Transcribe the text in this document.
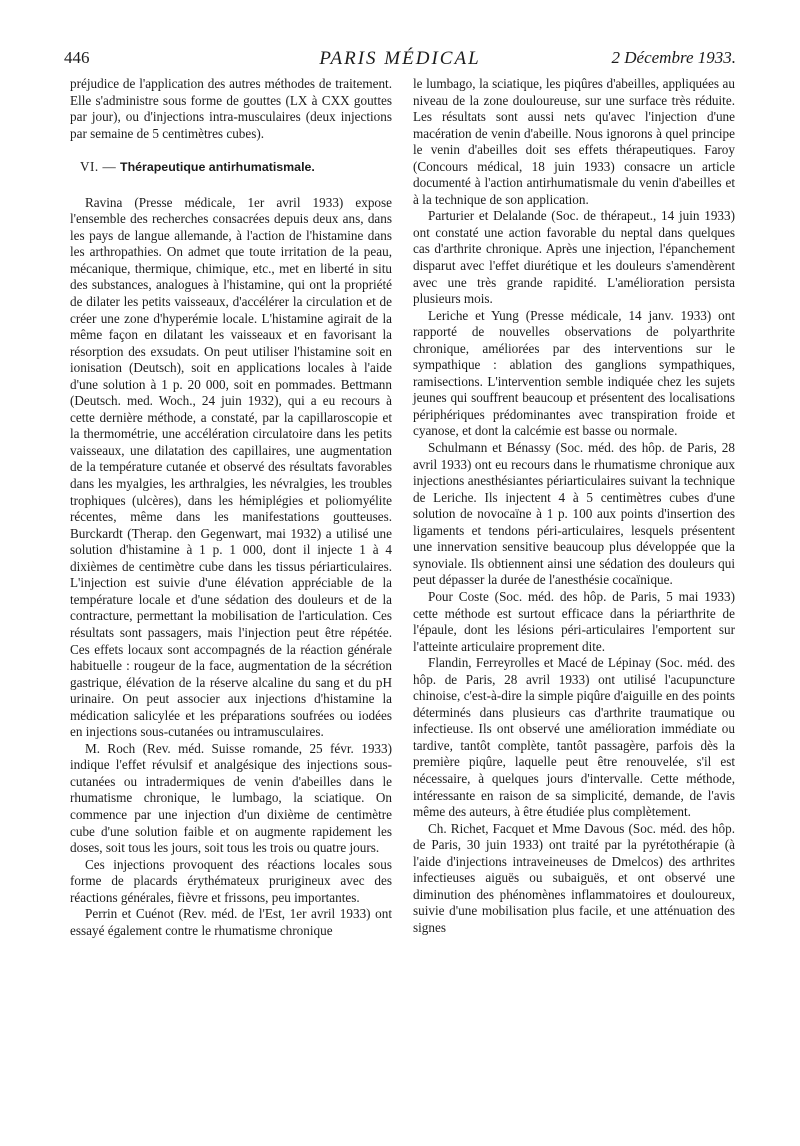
446	PARIS MÉDICAL	2 Décembre 1933.

préjudice de l'application des autres méthodes de traitement. Elle s'administre sous forme de gouttes (LX à CXX gouttes par jour), ou d'injections intra-musculaires (deux injections par semaine de 5 centimètres cubes).

VI. — Thérapeutique antirhumatismale.

Ravina (Presse médicale, 1er avril 1933) expose l'ensemble des recherches consacrées depuis deux ans, dans les pays de langue allemande, à l'action de l'histamine dans les arthropathies. On admet que toute irritation de la peau, mécanique, thermique, chimique, etc., met en liberté in situ des substances, analogues à l'histamine, qui ont la propriété de dilater les petits vaisseaux, d'accélérer la circulation et de créer une zone d'hyperémie locale. L'histamine agirait de la même façon en dilatant les vaisseaux et en favorisant la résorption des exsudats. On peut utiliser l'histamine soit en ionisation (Deutsch), soit en applications locales à l'aide d'une solution à 1 p. 20 000, soit en pommades. Bettmann (Deutsch. med. Woch., 24 juin 1932), qui a eu recours à cette dernière méthode, a constaté, par la capillaroscopie et la thermométrie, une accélération circulatoire dans les petits vaisseaux, une dilatation des capillaires, une augmentation de la température cutanée et observé des résultats favorables dans les myalgies, les arthralgies, les névralgies, les troubles trophiques (ulcères), dans les hémiplégies et poliomyélite récentes, même dans les manifestations goutteuses. Burckardt (Therap. den Gegenwart, mai 1932) a utilisé une solution d'histamine à 1 p. 1 000, dont il injecte 1 à 4 dixièmes de centimètre cube dans les tissus périarticulaires. L'injection est suivie d'une élévation appréciable de la température locale et d'une sédation des douleurs et de la contracture, permettant la mobilisation de l'articulation. Ces résultats sont passagers, mais l'injection peut être répétée. Ces effets locaux sont accompagnés de la réaction générale habituelle : rougeur de la face, augmentation de la sécrétion gastrique, élévation de la réserve alcaline du sang et du pH urinaire. On peut associer aux injections d'histamine la médication salicylée et les préparations soufrées ou iodées en injections sous-cutanées ou intramusculaires.

M. Roch (Rev. méd. Suisse romande, 25 févr. 1933) indique l'effet révulsif et analgésique des injections sous-cutanées ou intradermiques de venin d'abeilles dans le rhumatisme chronique, le lumbago, la sciatique. On commence par une injection d'un dixième de centimètre cube d'une solution faible et on augmente rapidement les doses, soit tous les jours, soit tous les trois ou quatre jours.

Ces injections provoquent des réactions locales sous forme de placards érythémateux prurigineux avec des réactions générales, fièvre et frissons, peu importantes.

Perrin et Cuénot (Rev. méd. de l'Est, 1er avril 1933) ont essayé également contre le rhumatisme chronique

le lumbago, la sciatique, les piqûres d'abeilles, appliquées au niveau de la zone douloureuse, sur une surface très réduite. Les résultats sont aussi nets qu'avec l'injection d'une macération de venin d'abeille. Nous ignorons à quel principe le venin d'abeilles doit ses effets thérapeutiques. Faroy (Concours médical, 18 juin 1933) consacre un article documenté à l'action antirhumatismale du venin d'abeilles et à la technique de son application.

Parturier et Delalande (Soc. de thérapeut., 14 juin 1933) ont constaté une action favorable du neptal dans quelques cas d'arthrite chronique. Après une injection, l'épanchement disparut avec l'effet diurétique et les douleurs s'amendèrent avec une très grande rapidité. L'amélioration persista plusieurs mois.

Leriche et Yung (Presse médicale, 14 janv. 1933) ont rapporté de nouvelles observations de polyarthrite chronique, améliorées par des interventions sur le sympathique : ablation des ganglions sympathiques, ramisections. L'intervention semble indiquée chez les sujets jeunes qui souffrent beaucoup et présentent des localisations périphériques prédominantes avec transpiration froide et cyanose, et dont la calcémie est basse ou normale.

Schulmann et Bénassy (Soc. méd. des hôp. de Paris, 28 avril 1933) ont eu recours dans le rhumatisme chronique aux injections anesthésiantes périarticulaires suivant la technique de Leriche. Ils injectent 4 à 5 centimètres cubes d'une solution de novocaïne à 1 p. 100 aux points d'insertion des ligaments et tendons péri-articulaires, lesquels présentent une innervation sensitive beaucoup plus développée que la synoviale. Ils obtiennent ainsi une sédation des douleurs qui peut dépasser la durée de l'anesthésie cocaïnique.

Pour Coste (Soc. méd. des hôp. de Paris, 5 mai 1933) cette méthode est surtout efficace dans la périarthrite de l'épaule, dont les lésions péri-articulaires l'emportent sur l'atteinte articulaire proprement dite.

Flandin, Ferreyrolles et Macé de Lépinay (Soc. méd. des hôp. de Paris, 28 avril 1933) ont utilisé l'acupuncture chinoise, c'est-à-dire la simple piqûre d'aiguille en des points déterminés dans plusieurs cas d'arthrite traumatique ou infectieuse. Ils ont observé une amélioration immédiate ou tardive, tantôt complète, tantôt passagère, parfois dès la première piqûre, laquelle peut être renouvelée, s'il est nécessaire, à quelques jours d'intervalle. Cette méthode, intéressante en raison de sa simplicité, demande, de l'avis même des auteurs, à être étudiée plus complètement.

Ch. Richet, Facquet et Mme Davous (Soc. méd. des hôp. de Paris, 30 juin 1933) ont traité par la pyrétothérapie (à l'aide d'injections intraveineuses de Dmelcos) des arthrites infectieuses aiguës ou subaiguës, et ont observé une diminution des phénomènes inflammatoires et douloureux, suivie d'une mobilisation plus facile, et une atténuation des signes
